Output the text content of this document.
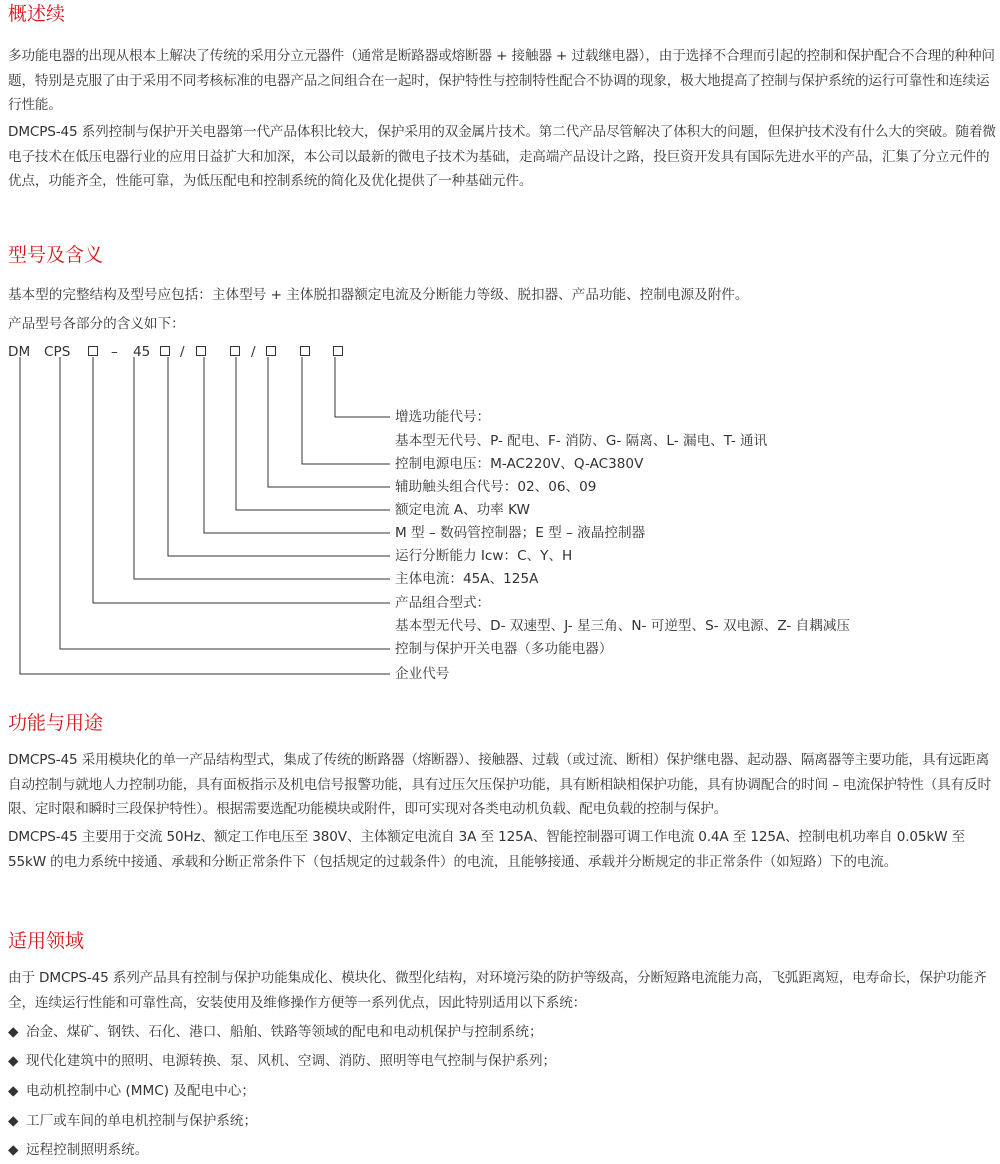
概述续

多功能电器的出现从根本上解决了传统的采用分立元器件（通常是断路器或熔断器 + 接触器 + 过载继电器），由于选择不合理而引起的控制和保护配合不合理的种种问题，特别是克服了由于采用不同考核标准的电器产品之间组合在一起时，保护特性与控制特性配合不协调的现象，极大地提高了控制与保护系统的运行可靠性和连续运行性能。

DMCPS-45 系列控制与保护开关电器第一代产品体积比较大，保护采用的双金属片技术。第二代产品尽管解决了体积大的问题，但保护技术没有什么大的突破。随着微电子技术在低压电器行业的应用日益扩大和加深，本公司以最新的微电子技术为基础，走高端产品设计之路，投巨资开发具有国际先进水平的产品，汇集了分立元件的优点，功能齐全，性能可靠，为低压配电和控制系统的简化及优化提供了一种基础元件。

型号及含义

基本型的完整结构及型号应包括：主体型号 + 主体脱扣器额定电流及分断能力等级、脱扣器、产品功能、控制电源及附件。

产品型号各部分的含义如下：

DM CPS	– 45 /	/
增选功能代号：
基本型无代号、P- 配电、F- 消防、G- 隔离、L- 漏电、T- 通讯
控制电源电压：M-AC220V、Q-AC380V
辅助触头组合代号：02、06、09
额定电流 A、功率 KW
M 型 – 数码管控制器；E 型 – 液晶控制器
运行分断能力 Icw：C、Y、H
主体电流：45A、125A
产品组合型式：
基本型无代号、D- 双速型、J- 星三角、N- 可逆型、S- 双电源、Z- 自耦减压
控制与保护开关电器（多功能电器）
企业代号
功能与用途

DMCPS-45 采用模块化的单一产品结构型式，集成了传统的断路器（熔断器）、接触器、过载（或过流、断相）保护继电器、起动器、隔离器等主要功能，具有远距离自动控制与就地人力控制功能，具有面板指示及机电信号报警功能，具有过压欠压保护功能，具有断相缺相保护功能，具有协调配合的时间 – 电流保护特性（具有反时限、定时限和瞬时三段保护特性）。根据需要选配功能模块或附件，即可实现对各类电动机负载、配电负载的控制与保护。

DMCPS-45 主要用于交流 50Hz、额定工作电压至 380V、主体额定电流自 3A 至 125A、智能控制器可调工作电流 0.4A 至 125A、控制电机功率自 0.05kW 至 55kW 的电力系统中接通、承载和分断正常条件下（包括规定的过载条件）的电流，且能够接通、承载并分断规定的非正常条件（如短路）下的电流。

适用领域

由于 DMCPS-45 系列产品具有控制与保护功能集成化、模块化、微型化结构，对环境污染的防护等级高，分断短路电流能力高，飞弧距离短，电寿命长，保护功能齐全，连续运行性能和可靠性高，安装使用及维修操作方便等一系列优点，因此特别适用以下系统：

◆ 冶金、煤矿、钢铁、石化、港口、船舶、铁路等领域的配电和电动机保护与控制系统；

◆ 现代化建筑中的照明、电源转换、泵、风机、空调、消防、照明等电气控制与保护系列；

◆ 电动机控制中心 (MMC) 及配电中心；

◆ 工厂或车间的单电机控制与保护系统；

◆ 远程控制照明系统。
